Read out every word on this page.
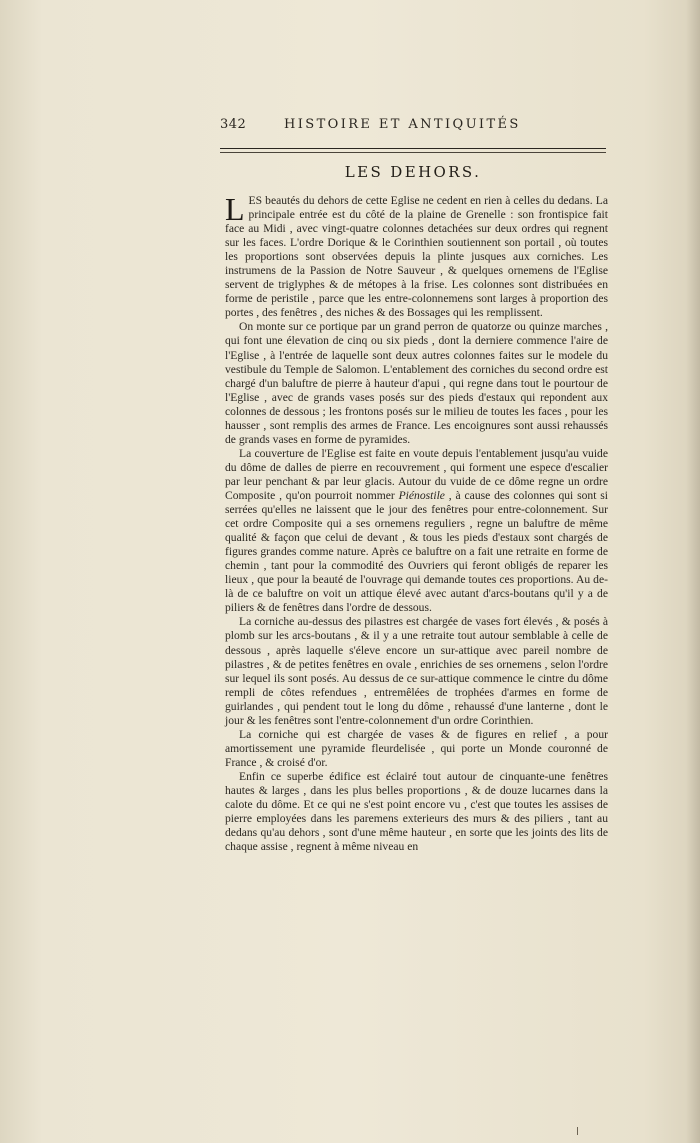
342	HISTOIRE ET ANTIQUITÉS
LES DEHORS.

LES beautés du dehors de cette Eglise ne cedent en rien à celles du dedans. La principale entrée est du côté de la plaine de Grenelle : son frontispice fait face au Midi , avec vingt-quatre colonnes detachées sur deux ordres qui regnent sur les faces. L'ordre Dorique & le Corinthien soutiennent son portail , où toutes les proportions sont observées depuis la plinte jusques aux corniches. Les instrumens de la Passion de Notre Sauveur , & quelques ornemens de l'Eglise servent de triglyphes & de métopes à la frise. Les colonnes sont distribuées en forme de peristile , parce que les entre-colonnemens sont larges à proportion des portes , des fenêtres , des niches & des Bossages qui les remplissent.

On monte sur ce portique par un grand perron de quatorze ou quinze marches , qui font une élevation de cinq ou six pieds , dont la derniere commence l'aire de l'Eglise , à l'entrée de laquelle sont deux autres colonnes faites sur le modele du vestibule du Temple de Salomon. L'entablement des corniches du second ordre est chargé d'un baluftre de pierre à hauteur d'apui , qui regne dans tout le pourtour de l'Eglise , avec de grands vases posés sur des pieds d'estaux qui repondent aux colonnes de dessous ; les frontons posés sur le milieu de toutes les faces , pour les hausser , sont remplis des armes de France. Les encoignures sont aussi rehaussés de grands vases en forme de pyramides.

La couverture de l'Eglise est faite en voute depuis l'entablement jusqu'au vuide du dôme de dalles de pierre en recouvrement , qui forment une espece d'escalier par leur penchant & par leur glacis. Autour du vuide de ce dôme regne un ordre Composite , qu'on pourroit nommer Piénostile , à cause des colonnes qui sont si serrées qu'elles ne laissent que le jour des fenêtres pour entre-colonnement. Sur cet ordre Composite qui a ses ornemens reguliers , regne un baluftre de même qualité & façon que celui de devant , & tous les pieds d'estaux sont chargés de figures grandes comme nature. Après ce baluftre on a fait une retraite en forme de chemin , tant pour la commodité des Ouvriers qui feront obligés de reparer les lieux , que pour la beauté de l'ouvrage qui demande toutes ces proportions. Au de-là de ce baluftre on voit un attique élevé avec autant d'arcs-boutans qu'il y a de piliers & de fenêtres dans l'ordre de dessous.

La corniche au-dessus des pilastres est chargée de vases fort élevés , & posés à plomb sur les arcs-boutans , & il y a une retraite tout autour semblable à celle de dessous , après laquelle s'éleve encore un sur-attique avec pareil nombre de pilastres , & de petites fenêtres en ovale , enrichies de ses ornemens , selon l'ordre sur lequel ils sont posés. Au dessus de ce sur-attique commence le cintre du dôme rempli de côtes refendues , entremêlées de trophées d'armes en forme de guirlandes , qui pendent tout le long du dôme , rehaussé d'une lanterne , dont le jour & les fenêtres sont l'entre-colonnement d'un ordre Corinthien.

La corniche qui est chargée de vases & de figures en relief , a pour amortissement une pyramide fleurdelisée , qui porte un Monde couronné de France , & croisé d'or.

Enfin ce superbe édifice est éclairé tout autour de cinquante-une fenêtres hautes & larges , dans les plus belles proportions , & de douze lucarnes dans la calote du dôme. Et ce qui ne s'est point encore vu , c'est que toutes les assises de pierre employées dans les paremens exterieurs des murs & des piliers , tant au dedans qu'au dehors , sont d'une même hauteur , en sorte que les joints des lits de chaque assise , regnent à même niveau en
